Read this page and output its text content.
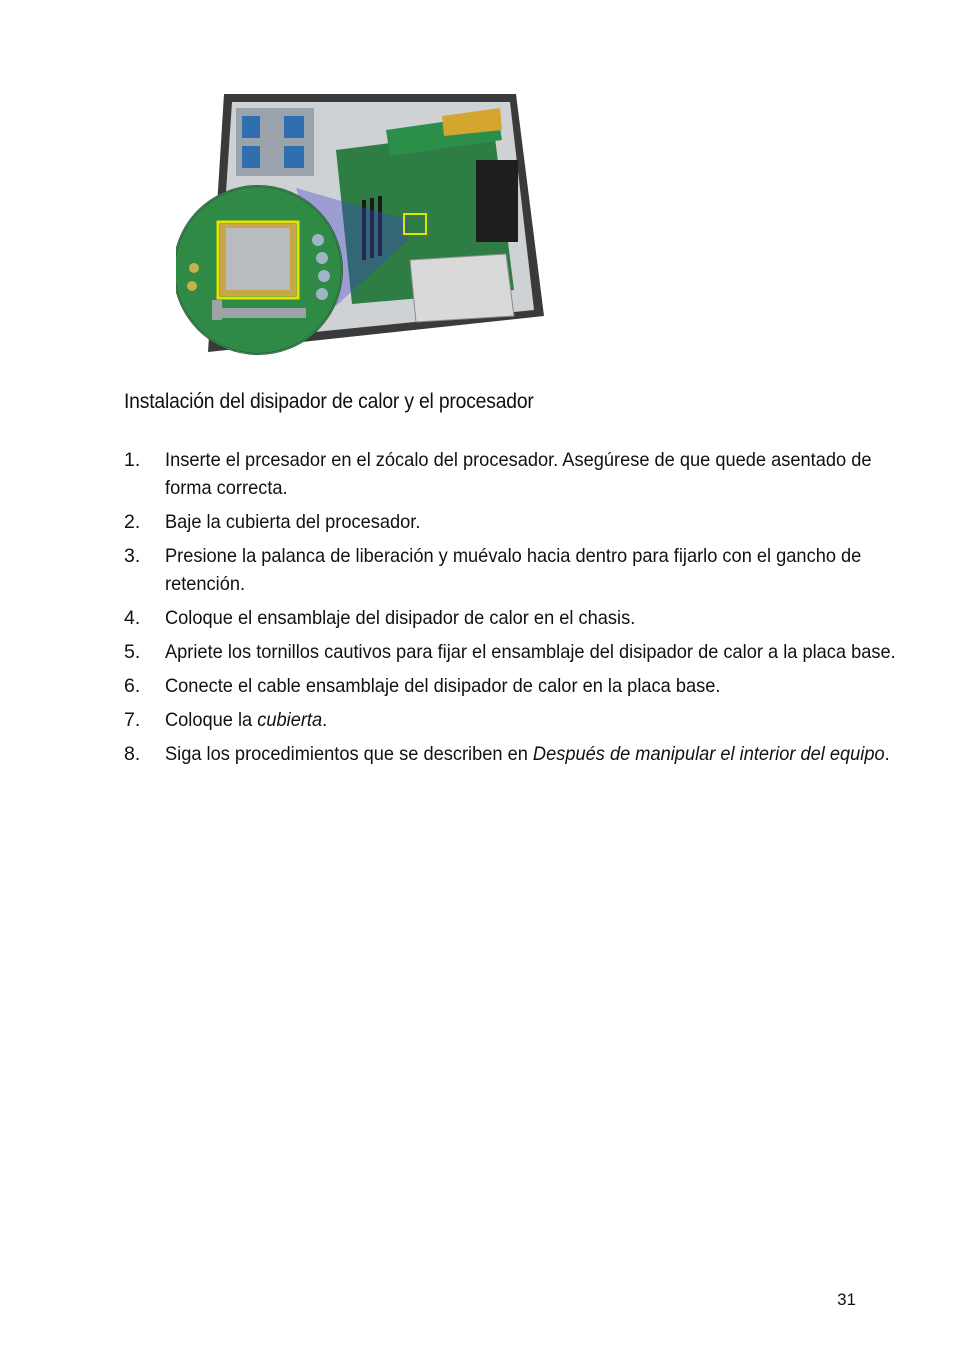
Instalación del disipador de calor y el procesador
1. Inserte el prcesador en el zócalo del procesador. Asegúrese de que quede asentado de forma correcta.
2. Baje la cubierta del procesador.
3. Presione la palanca de liberación y muévalo hacia dentro para fijarlo con el gancho de retención.
4. Coloque el ensamblaje del disipador de calor en el chasis.
5. Apriete los tornillos cautivos para fijar el ensamblaje del disipador de calor a la placa base.
6. Conecte el cable ensamblaje del disipador de calor en la placa base.
7. Coloque la cubierta.
8. Siga los procedimientos que se describen en Después de manipular el interior del equipo.
31
